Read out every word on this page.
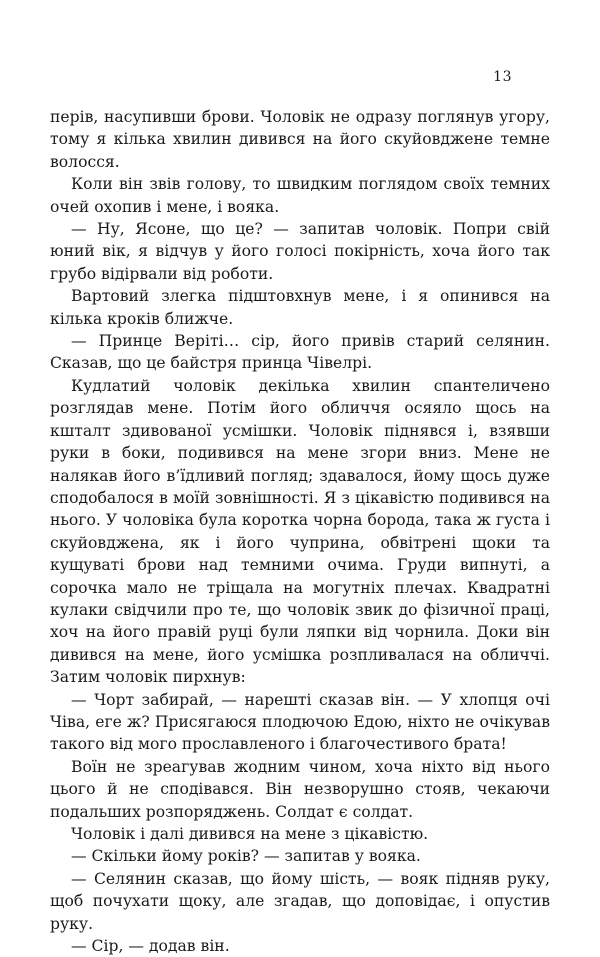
13

перів, насупивши брови. Чоловік не одразу поглянув угору, тому я кілька хвилин дивився на його скуйовджене темне волосся.

Коли він звів голову, то швидким поглядом своїх темних очей охопив і мене, і вояка.

— Ну, Ясоне, що це? — запитав чоловік. Попри свій юний вік, я відчув у його голосі покірність, хоча його так грубо відірвали від роботи.

Вартовий злегка підштовхнув мене, і я опинився на кілька кроків ближче.

— Принце Веріті… сір, його привів старий селянин. Сказав, що це байстря принца Чівелрі.

Кудлатий чоловік декілька хвилин спантеличено розглядав мене. Потім його обличчя осяяло щось на кшталт здивованої усмішки. Чоловік піднявся і, взявши руки в боки, подивився на мене згори вниз. Мене не налякав його в’їдливий погляд; здавалося, йому щось дуже сподобалося в моїй зовнішності. Я з цікавістю подивився на нього. У чоловіка була коротка чорна борода, така ж густа і скуйовджена, як і його чуприна, обвітрені щоки та кущуваті брови над темними очима. Груди випнуті, а сорочка мало не тріщала на могутніх плечах. Квадратні кулаки свідчили про те, що чоловік звик до фізичної праці, хоч на його правій руці були ляпки від чорнила. Доки він дивився на мене, його усмішка розпливалася на обличчі. Затим чоловік пирхнув:

— Чорт забирай, — нарешті сказав він. — У хлопця очі Чіва, еге ж? Присягаюся плодючою Едою, ніхто не очікував такого від мого прославленого і благочестивого брата!

Воїн не зреагував жодним чином, хоча ніхто від нього цього й не сподівався. Він незворушно стояв, чекаючи подальших розпоряджень. Солдат є солдат.

Чоловік і далі дивився на мене з цікавістю.

— Скільки йому років? — запитав у вояка.

— Селянин сказав, що йому шість, — вояк підняв руку, щоб почухати щоку, але згадав, що доповідає, і опустив руку.

— Сір, — додав він.
